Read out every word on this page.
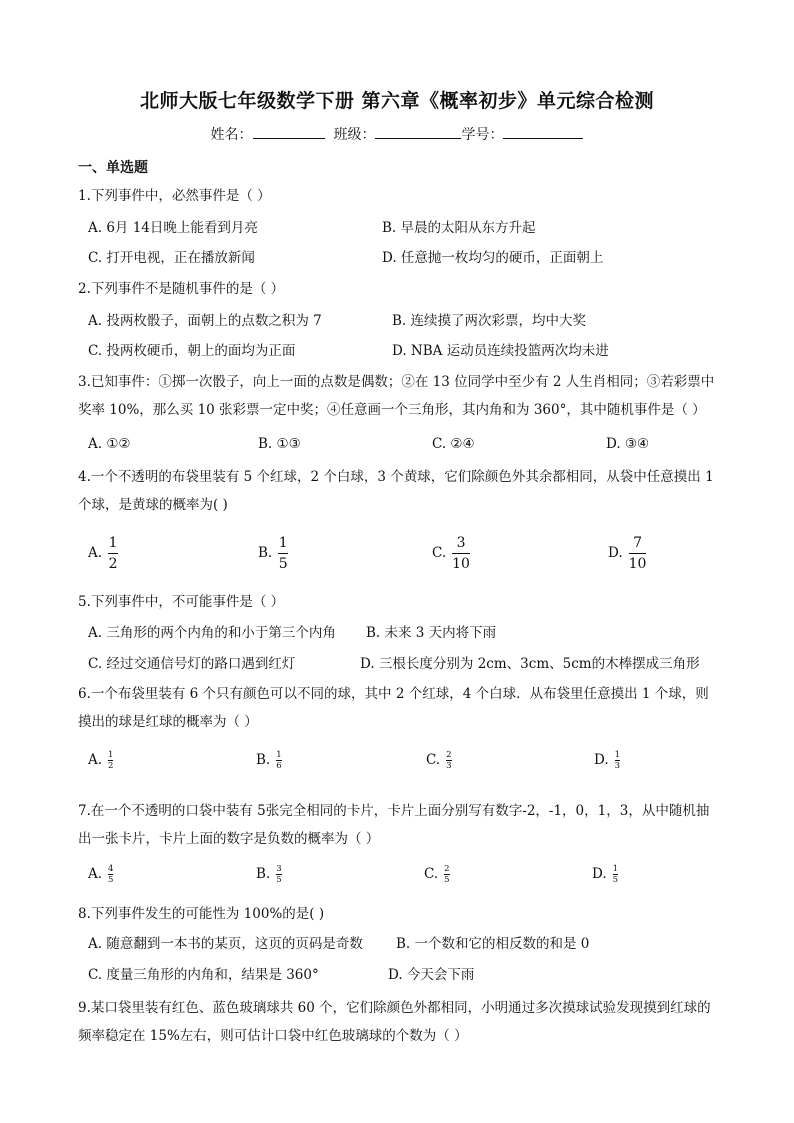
北师大版七年级数学下册 第六章《概率初步》单元综合检测
姓名：	班级：	学号：
一、单选题
1.下列事件中，必然事件是（ ）
A. 6月 14日晚上能看到月亮	B. 早晨的太阳从东方升起
C. 打开电视，正在播放新闻	D. 任意抛一枚均匀的硬币，正面朝上
2.下列事件不是随机事件的是（ ）
A. 投两枚骰子，面朝上的点数之积为 7	B. 连续摸了两次彩票，均中大奖
C. 投两枚硬币，朝上的面均为正面	D. NBA 运动员连续投篮两次均未进
3.已知事件：①掷一次骰子，向上一面的点数是偶数；②在 13 位同学中至少有 2 人生肖相同；③若彩票中
奖率 10%，那么买 10 张彩票一定中奖；④任意画一个三角形，其内角和为 360°，其中随机事件是（ ）
A. ①②	B. ①③	C. ②④	D. ③④
4.一个不透明的布袋里装有 5 个红球，2 个白球，3 个黄球，它们除颜色外其余都相同，从袋中任意摸出 1
个球，是黄球的概率为( )
A. $\frac{1}{2}$	B. $\frac{1}{5}$	C. $\frac{3}{10}$	D. $\frac{7}{10}$
5.下列事件中，不可能事件是（ ）
A. 三角形的两个内角的和小于第三个内角 B. 未来 3 天内将下雨
C. 经过交通信号灯的路口遇到红灯	D. 三根长度分别为 2cm、3cm、5cm的木棒摆成三角形
6.一个布袋里装有 6 个只有颜色可以不同的球，其中 2 个红球，4 个白球．从布袋里任意摸出 1 个球，则
摸出的球是红球的概率为（ ）
A. $\frac{1}{2}$	B. $\frac{1}{6}$	C. $\frac{2}{3}$	D. $\frac{1}{3}$
7.在一个不透明的口袋中装有 5张完全相同的卡片，卡片上面分别写有数字-2，-1，0，1，3，从中随机抽
出一张卡片，卡片上面的数字是负数的概率为（ ）
A. $\frac{4}{5}$	B. $\frac{3}{5}$	C. $\frac{2}{5}$	D. $\frac{1}{5}$
8.下列事件发生的可能性为 100%的是( )
A. 随意翻到一本书的某页，这页的页码是奇数 B. 一个数和它的相反数的和是 0
C. 度量三角形的内角和，结果是 360°	D. 今天会下雨
9.某口袋里装有红色、蓝色玻璃球共 60 个，它们除颜色外都相同，小明通过多次摸球试验发现摸到红球的
频率稳定在 15%左右，则可估计口袋中红色玻璃球的个数为（ ）
